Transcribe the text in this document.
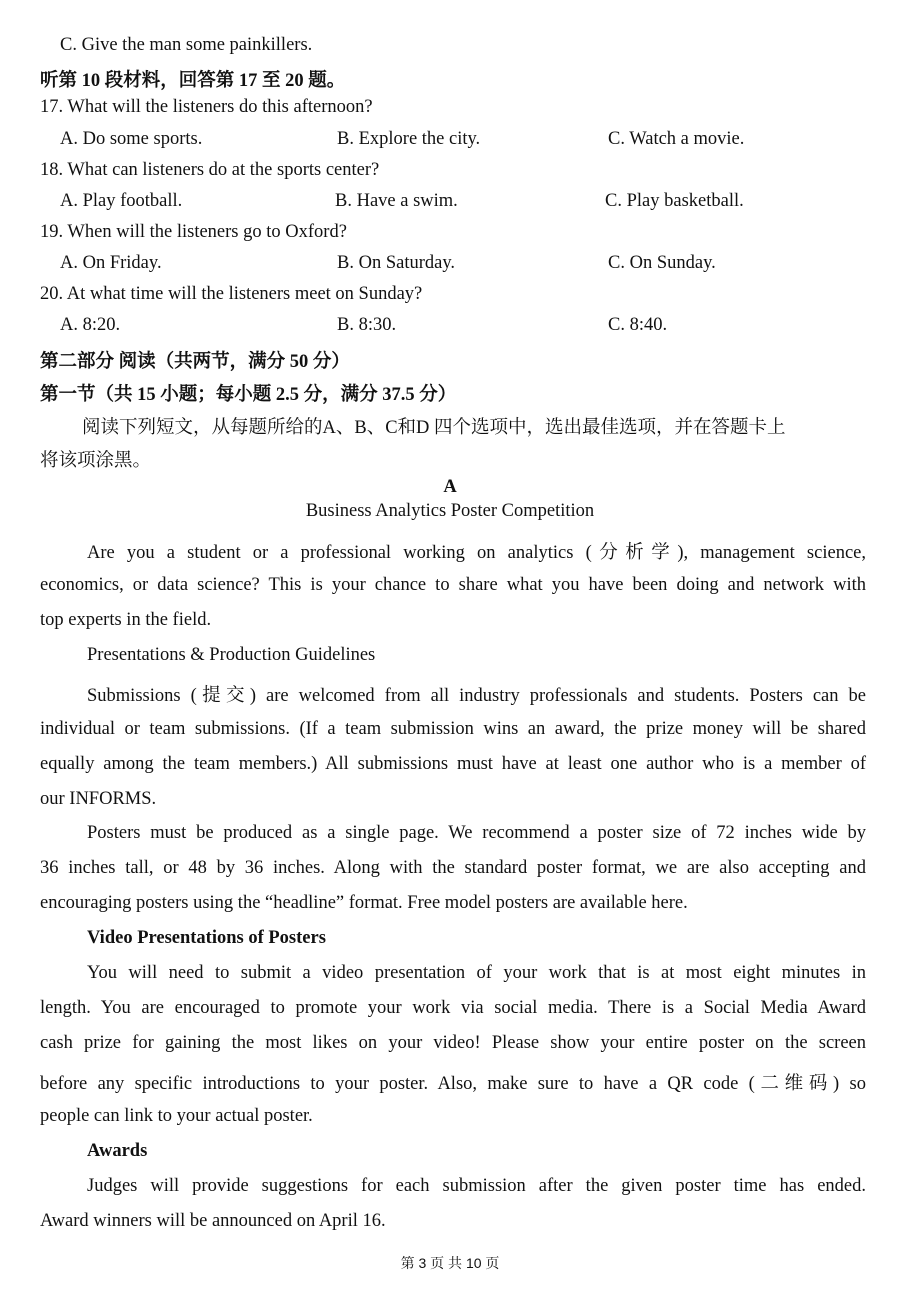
C. Give the man some painkillers.
听第 10 段材料，回答第 17 至 20 题。
17. What will the listeners do this afternoon?
A. Do some sports.	B. Explore the city.	C. Watch a movie.
18. What can listeners do at the sports center?
A. Play football.	B. Have a swim.	C. Play basketball.
19. When will the listeners go to Oxford?
A. On Friday.	B. On Saturday.	C. On Sunday.
20. At what time will the listeners meet on Sunday?
A. 8:20.	B. 8:30.	C. 8:40.
第二部分 阅读（共两节，满分 50 分）
第一节（共 15 小题；每小题 2.5 分，满分 37.5 分）
阅读下列短文，从每题所给的A、B、C和D 四个选项中，选出最佳选项，并在答题卡上
将该项涂黑。
A
Business Analytics Poster Competition
Are you a student or a professional working on analytics (分析学), management science,
economics, or data science? This is your chance to share what you have been doing and network with
top experts in the field.
Presentations & Production Guidelines
Submissions (提交) are welcomed from all industry professionals and students. Posters can be
individual or team submissions. (If a team submission wins an award, the prize money will be shared
equally among the team members.) All submissions must have at least one author who is a member of
our INFORMS.
Posters must be produced as a single page. We recommend a poster size of 72 inches wide by
36 inches tall, or 48 by 36 inches. Along with the standard poster format, we are also accepting and
encouraging posters using the “headline” format. Free model posters are available here.
Video Presentations of Posters
You will need to submit a video presentation of your work that is at most eight minutes in
length. You are encouraged to promote your work via social media. There is a Social Media Award
cash prize for gaining the most likes on your video! Please show your entire poster on the screen
before any specific introductions to your poster. Also, make sure to have a QR code (二维码) so
people can link to your actual poster.
Awards
Judges will provide suggestions for each submission after the given poster time has ended.
Award winners will be announced on April 16.
第 3 页 共 10 页
